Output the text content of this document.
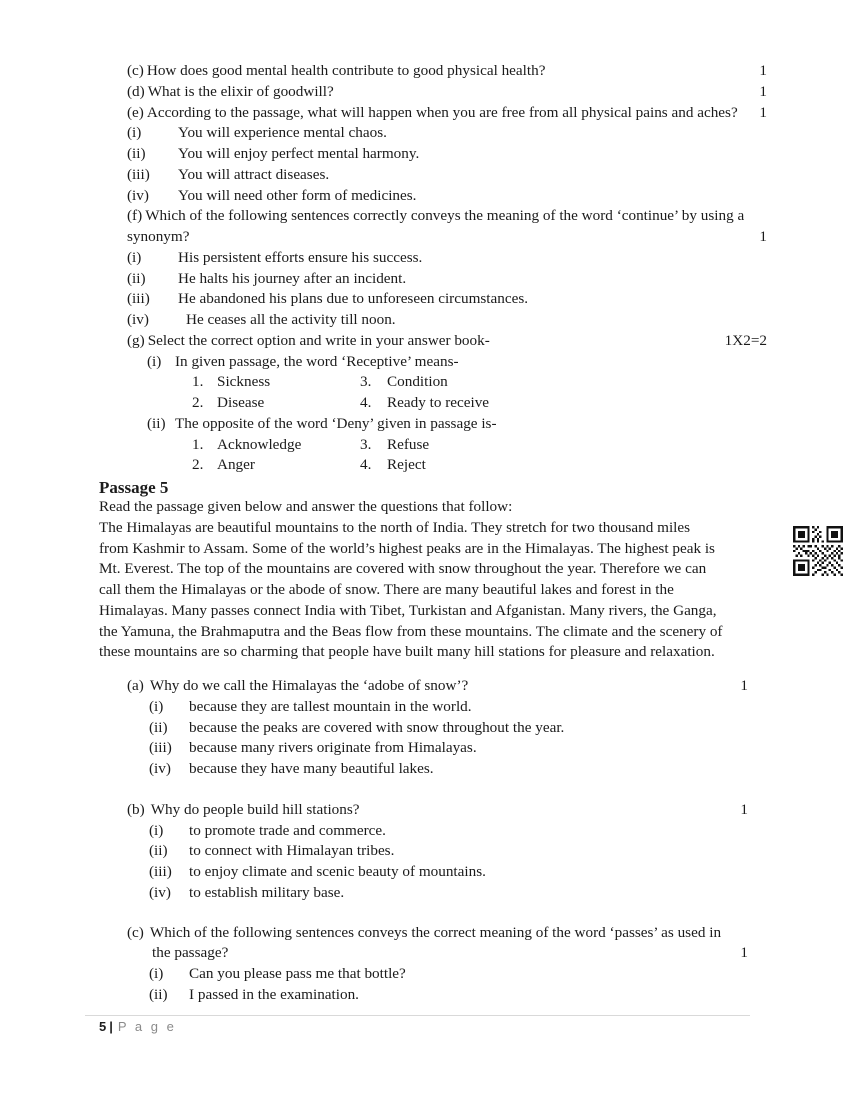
(c) How does good mental health contribute to good physical health?	1
(d) What is the elixir of goodwill?	1
(e) According to the passage, what will happen when you are free from all physical pains and aches? 1
(i)	You will experience mental chaos.
(ii)	You will enjoy perfect mental harmony.
(iii)	You will attract diseases.
(iv)	You will need other form of medicines.
(f) Which of the following sentences correctly conveys the meaning of the word ‘continue’ by using a
synonym?	1
(i)	His persistent efforts ensure his success.
(ii)	He halts his journey after an incident.
(iii)	He abandoned his plans due to unforeseen circumstances.
(iv)	He ceases all the activity till noon.
(g) Select the correct option and write in your answer book-	1X2=2
(i) In given passage, the word ‘Receptive’ means-
1. Sickness	3.	Condition
2. Disease	4.	Ready to receive
(ii) The opposite of the word ‘Deny’ given in passage is-
1. Acknowledge	3.	Refuse
2. Anger	4.	Reject
Passage 5
Read the passage given below and answer the questions that follow:
The Himalayas are beautiful mountains to the north of India. They stretch for two thousand miles
from Kashmir to Assam. Some of the world’s highest peaks are in the Himalayas. The highest peak is
Mt. Everest. The top of the mountains are covered with snow throughout the year. Therefore we can
call them the Himalayas or the abode of snow. There are many beautiful lakes and forest in the
Himalayas. Many passes connect India with Tibet, Turkistan and Afganistan. Many rivers, the Ganga,
the Yamuna, the Brahmaputra and the Beas flow from these mountains. The climate and the scenery of
these mountains are so charming that people have built many hill stations for pleasure and relaxation.
(a) Why do we call the Himalayas the ‘adobe of snow’?	1
(i)	because they are tallest mountain in the world.
(ii)	because the peaks are covered with snow throughout the year.
(iii)	because many rivers originate from Himalayas.
(iv)	because they have many beautiful lakes.
(b) Why do people build hill stations?	1
(i)	to promote trade and commerce.
(ii)	to connect with Himalayan tribes.
(iii)	to enjoy climate and scenic beauty of mountains.
(iv)	to establish military base.
(c) Which of the following sentences conveys the correct meaning of the word ‘passes’ as used in
the passage?	1
(i)	Can you please pass me that bottle?
(ii)	I passed in the examination.
5 | P a g e
